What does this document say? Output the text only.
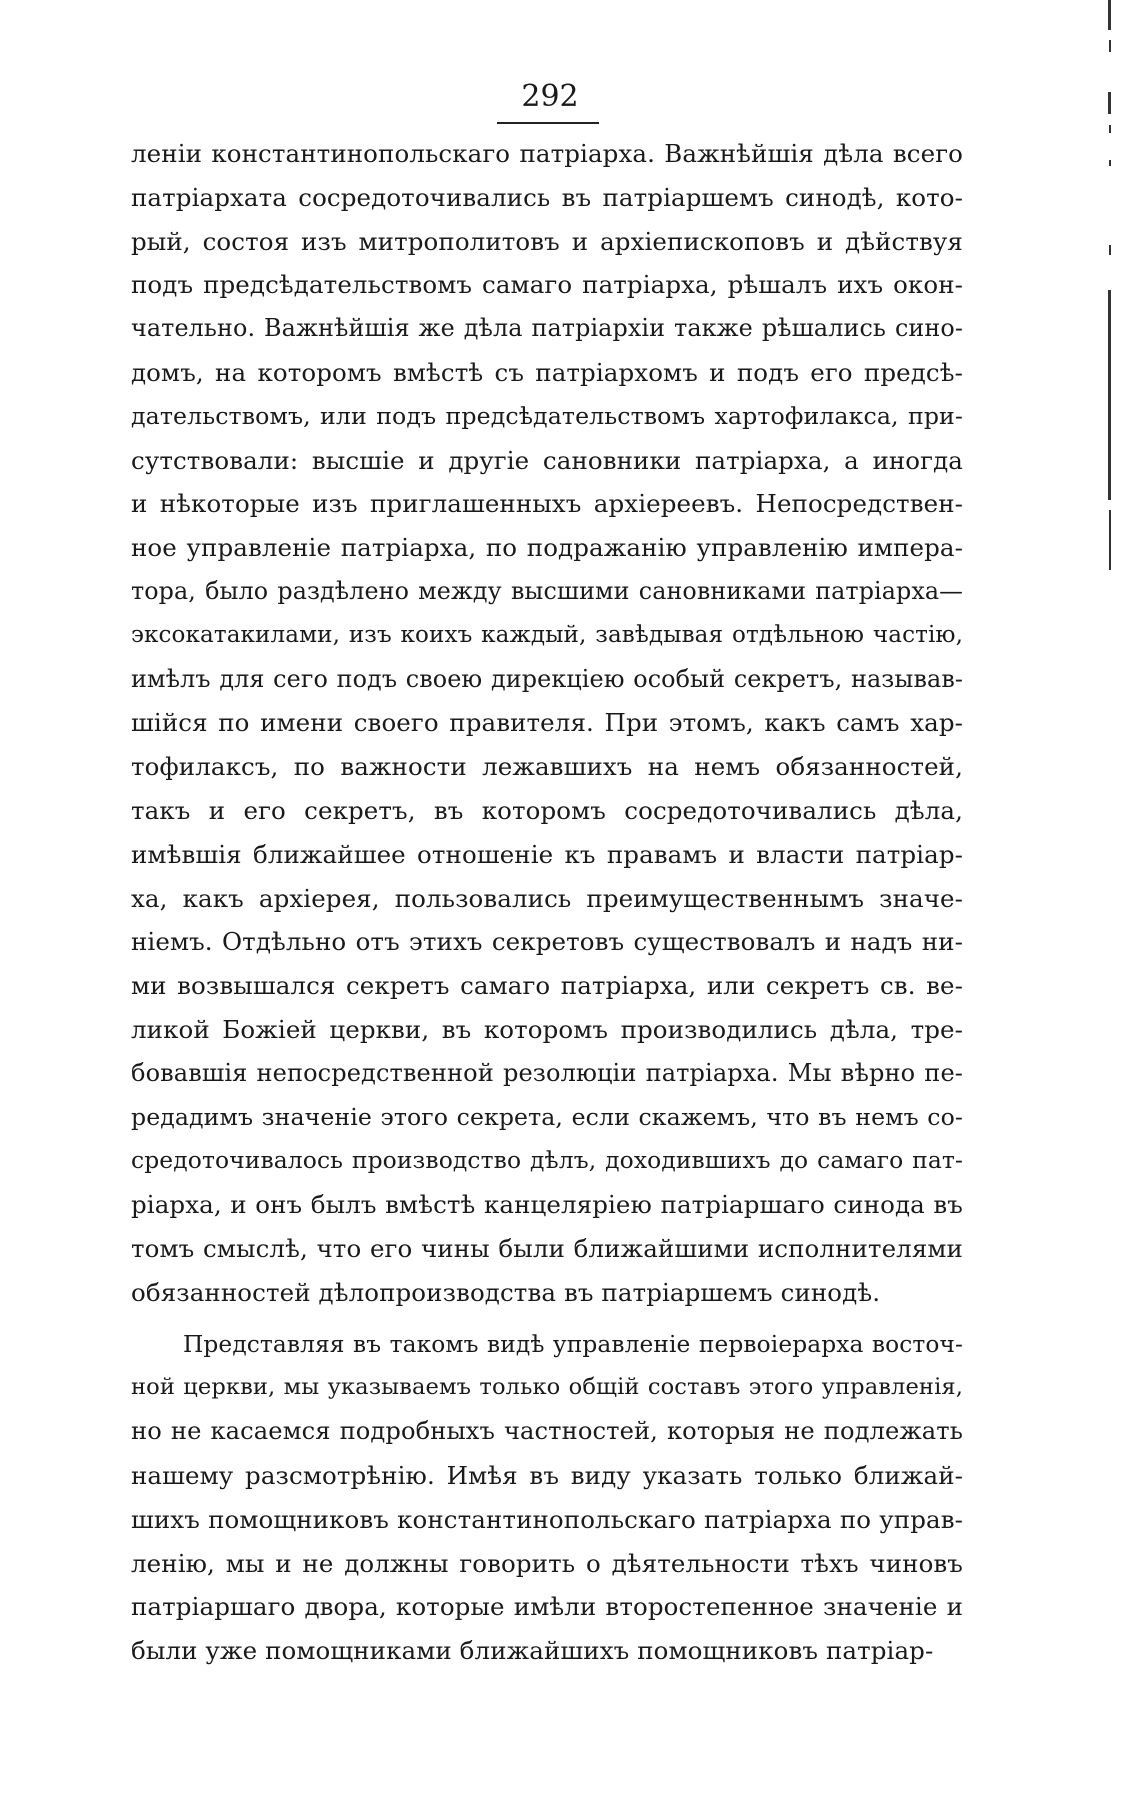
292
леніи константинопольскаго патріарха. Важнѣйшія дѣла всего
патріархата сосредоточивались въ патріаршемъ синодѣ, кото-
рый, состоя изъ митрополитовъ и архіепископовъ и дѣйствуя
подъ предсѣдательствомъ самаго патріарха, рѣшалъ ихъ окон-
чательно. Важнѣйшія же дѣла патріархіи также рѣшались сино-
домъ, на которомъ вмѣстѣ съ патріархомъ и подъ его предсѣ-
дательствомъ, или подъ предсѣдательствомъ хартофилакса, при-
сутствовали: высшіе и другіе сановники патріарха, а иногда
и нѣкоторые изъ приглашенныхъ архіереевъ. Непосредствен-
ное управленіе патріарха, по подражанію управленію импера-
тора, было раздѣлено между высшими сановниками патріарха—
эксокатакилами, изъ коихъ каждый, завѣдывая отдѣльною частію,
имѣлъ для сего подъ своею дирекціею особый секретъ, называв-
шійся по имени своего правителя. При этомъ, какъ самъ хар-
тофилаксъ, по важности лежавшихъ на немъ обязанностей,
такъ и его секретъ, въ которомъ сосредоточивались дѣла,
имѣвшія ближайшее отношеніе къ правамъ и власти патріар-
ха, какъ архіерея, пользовались преимущественнымъ значе-
ніемъ. Отдѣльно отъ этихъ секретовъ существовалъ и надъ ни-
ми возвышался секретъ самаго патріарха, или секретъ св. ве-
ликой Божіей церкви, въ которомъ производились дѣла, тре-
бовавшія непосредственной резолюціи патріарха. Мы вѣрно пе-
редадимъ значеніе этого секрета, если скажемъ, что въ немъ со-
средоточивалось производство дѣлъ, доходившихъ до самаго пат-
ріарха, и онъ былъ вмѣстѣ канцеляріею патріаршаго синода въ
томъ смыслѣ, что его чины были ближайшими исполнителями
обязанностей дѣлопроизводства въ патріаршемъ синодѣ.
Представляя въ такомъ видѣ управленіе первоіерарха восточ-
ной церкви, мы указываемъ только общій составъ этого управленія,
но не касаемся подробныхъ частностей, которыя не подлежать
нашему разсмотрѣнію. Имѣя въ виду указать только ближай-
шихъ помощниковъ константинопольскаго патріарха по управ-
ленію, мы и не должны говорить о дѣятельности тѣхъ чиновъ
патріаршаго двора, которые имѣли второстепенное значеніе и
были уже помощниками ближайшихъ помощниковъ патріар-
